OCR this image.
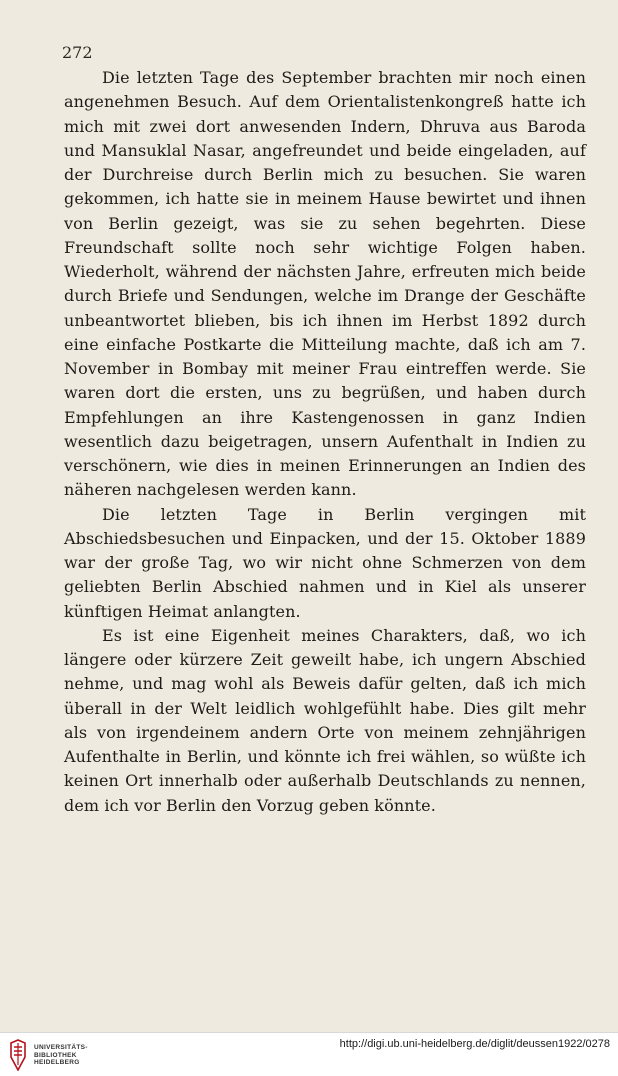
272

Die letzten Tage des September brachten mir noch einen angenehmen Besuch. Auf dem Orientalistenkongreß hatte ich mich mit zwei dort anwesenden Indern, Dhruva aus Baroda und Mansuklal Nasar, angefreundet und beide eingeladen, auf der Durchreise durch Berlin mich zu besuchen. Sie waren gekommen, ich hatte sie in meinem Hause bewirtet und ihnen von Berlin gezeigt, was sie zu sehen begehrten. Diese Freundschaft sollte noch sehr wichtige Folgen haben. Wiederholt, während der nächsten Jahre, erfreuten mich beide durch Briefe und Sendungen, welche im Drange der Geschäfte unbeantwortet blieben, bis ich ihnen im Herbst 1892 durch eine einfache Postkarte die Mitteilung machte, daß ich am 7. November in Bombay mit meiner Frau eintreffen werde. Sie waren dort die ersten, uns zu begrüßen, und haben durch Empfehlungen an ihre Kastengenossen in ganz Indien wesentlich dazu beigetragen, unsern Aufenthalt in Indien zu verschönern, wie dies in meinen Erinnerungen an Indien des näheren nachgelesen werden kann.

Die letzten Tage in Berlin vergingen mit Abschiedsbesuchen und Einpacken, und der 15. Oktober 1889 war der große Tag, wo wir nicht ohne Schmerzen von dem geliebten Berlin Abschied nahmen und in Kiel als unserer künftigen Heimat anlangten.

Es ist eine Eigenheit meines Charakters, daß, wo ich längere oder kürzere Zeit geweilt habe, ich ungern Abschied nehme, und mag wohl als Beweis dafür gelten, daß ich mich überall in der Welt leidlich wohlgefühlt habe. Dies gilt mehr als von irgendeinem andern Orte von meinem zehnjährigen Aufenthalte in Berlin, und könnte ich frei wählen, so wüßte ich keinen Ort innerhalb oder außerhalb Deutschlands zu nennen, dem ich vor Berlin den Vorzug geben könnte.

UNIVERSITÄTS-
BIBLIOTHEK
HEIDELBERG
http://digi.ub.uni-heidelberg.de/diglit/deussen1922/0278
